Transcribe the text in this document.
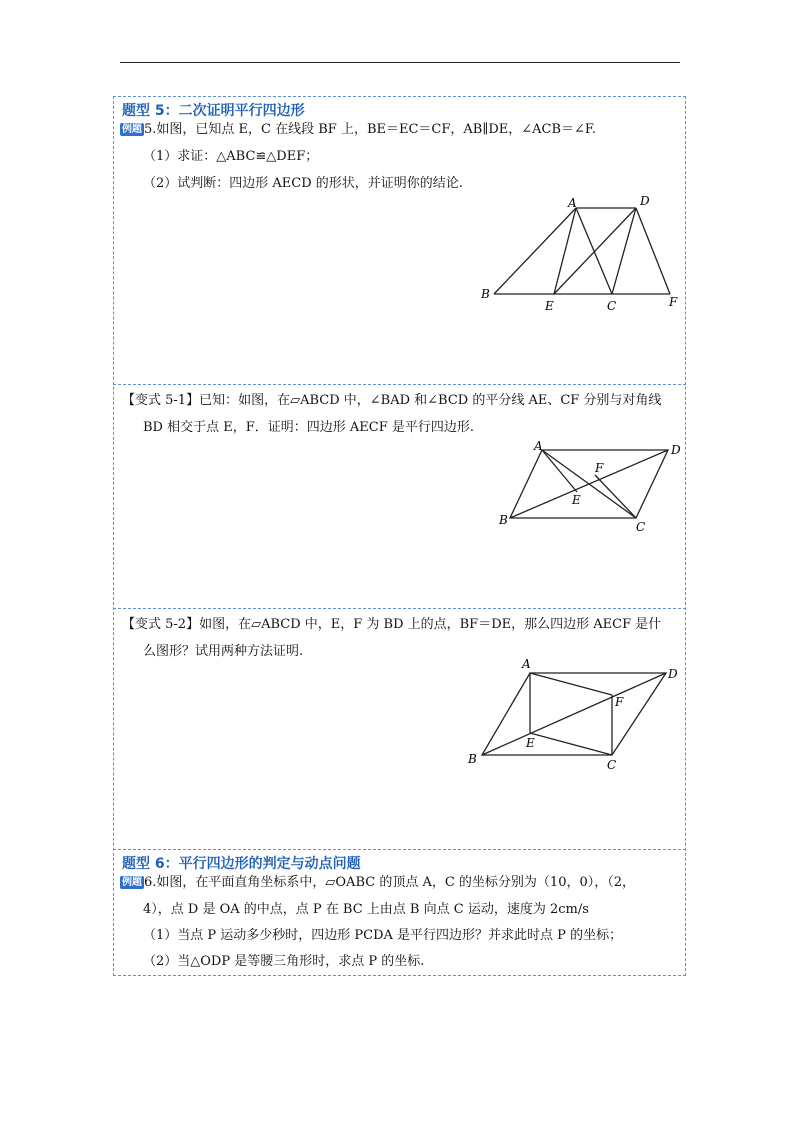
题型 5：二次证明平行四边形
例题 5.如图，已知点 E，C 在线段 BF 上，BE＝EC＝CF，AB∥DE，∠ACB＝∠F.
（1）求证：△ABC≌△DEF；
（2）试判断：四边形 AECD 的形状，并证明你的结论.
A	D
B
E	C	F
【变式 5-1】已知：如图，在▱ABCD 中，∠BAD 和∠BCD 的平分线 AE、CF 分别与对角线
BD 相交于点 E，F．证明：四边形 AECF 是平行四边形.
A	D
F
E
B	C
【变式 5-2】如图，在▱ABCD 中，E，F 为 BD 上的点，BF＝DE，那么四边形 AECF 是什
么图形？试用两种方法证明.
A
D
F
E
B	C
题型 6：平行四边形的判定与动点问题
例题 6.如图，在平面直角坐标系中，▱OABC 的顶点 A，C 的坐标分别为（10，0），（2，
4），点 D 是 OA 的中点，点 P 在 BC 上由点 B 向点 C 运动，速度为 2cm/s
（1）当点 P 运动多少秒时，四边形 PCDA 是平行四边形？并求此时点 P 的坐标；
（2）当△ODP 是等腰三角形时，求点 P 的坐标.
